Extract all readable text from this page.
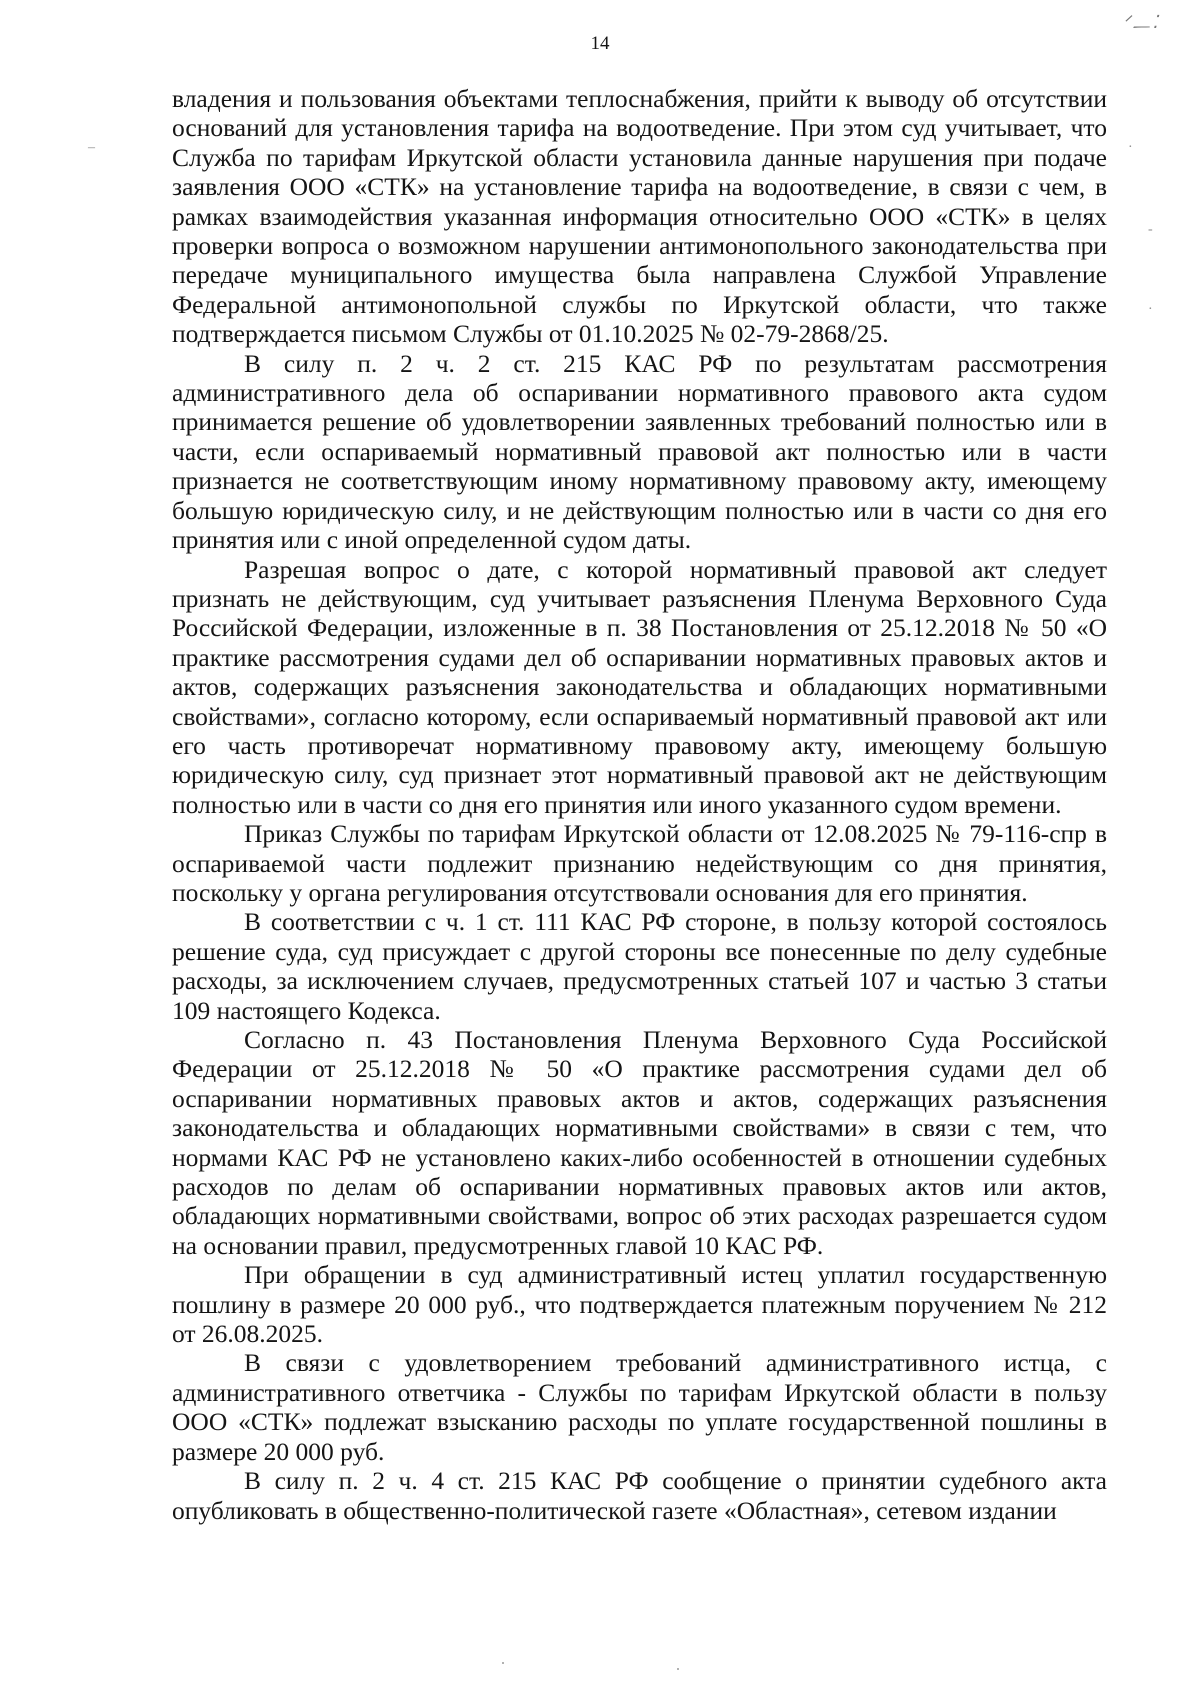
ᐟ᎗⁚
14
–	·
-
·

владения и пользования объектами теплоснабжения, прийти к выводу об отсутствии оснований для установления тарифа на водоотведение. При этом суд учитывает, что Служба по тарифам Иркутской области установила данные нарушения при подаче заявления ООО «СТК» на установление тарифа на водоотведение, в связи с чем, в рамках взаимодействия указанная информация относительно ООО «СТК» в целях проверки вопроса о возможном нарушении антимонопольного законодательства при передаче муниципального имущества была направлена Службой Управление Федеральной антимонопольной службы по Иркутской области, что также подтверждается письмом Службы от 01.10.2025 № 02-79-2868/25.

В силу п. 2 ч. 2 ст. 215 КАС РФ по результатам рассмотрения административного дела об оспаривании нормативного правового акта судом принимается решение об удовлетворении заявленных требований полностью или в части, если оспариваемый нормативный правовой акт полностью или в части признается не соответствующим иному нормативному правовому акту, имеющему большую юридическую силу, и не действующим полностью или в части со дня его принятия или с иной определенной судом даты.

Разрешая вопрос о дате, с которой нормативный правовой акт следует признать не действующим, суд учитывает разъяснения Пленума Верховного Суда Российской Федерации, изложенные в п. 38 Постановления от 25.12.2018 № 50 «О практике рассмотрения судами дел об оспаривании нормативных правовых актов и актов, содержащих разъяснения законодательства и обладающих нормативными свойствами», согласно которому, если оспариваемый нормативный правовой акт или его часть противоречат нормативному правовому акту, имеющему большую юридическую силу, суд признает этот нормативный правовой акт не действующим полностью или в части со дня его принятия или иного указанного судом времени.

Приказ Службы по тарифам Иркутской области от 12.08.2025 № 79-116-спр в оспариваемой части подлежит признанию недействующим со дня принятия, поскольку у органа регулирования отсутствовали основания для его принятия.

В соответствии с ч. 1 ст. 111 КАС РФ стороне, в пользу которой состоялось решение суда, суд присуждает с другой стороны все понесенные по делу судебные расходы, за исключением случаев, предусмотренных статьей 107 и частью 3 статьи 109 настоящего Кодекса.

Согласно п. 43 Постановления Пленума Верховного Суда Российской Федерации от 25.12.2018 № 50 «О практике рассмотрения судами дел об оспаривании нормативных правовых актов и актов, содержащих разъяснения законодательства и обладающих нормативными свойствами» в связи с тем, что нормами КАС РФ не установлено каких-либо особенностей в отношении судебных расходов по делам об оспаривании нормативных правовых актов или актов, обладающих нормативными свойствами, вопрос об этих расходах разрешается судом на основании правил, предусмотренных главой 10 КАС РФ.

При обращении в суд административный истец уплатил государственную пошлину в размере 20 000 руб., что подтверждается платежным поручением № 212 от 26.08.2025.

В связи с удовлетворением требований административного истца, с административного ответчика - Службы по тарифам Иркутской области в пользу ООО «СТК» подлежат взысканию расходы по уплате государственной пошлины в размере 20 000 руб.

В силу п. 2 ч. 4 ст. 215 КАС РФ сообщение о принятии судебного акта опубликовать в общественно-политической газете «Областная», сетевом издании
